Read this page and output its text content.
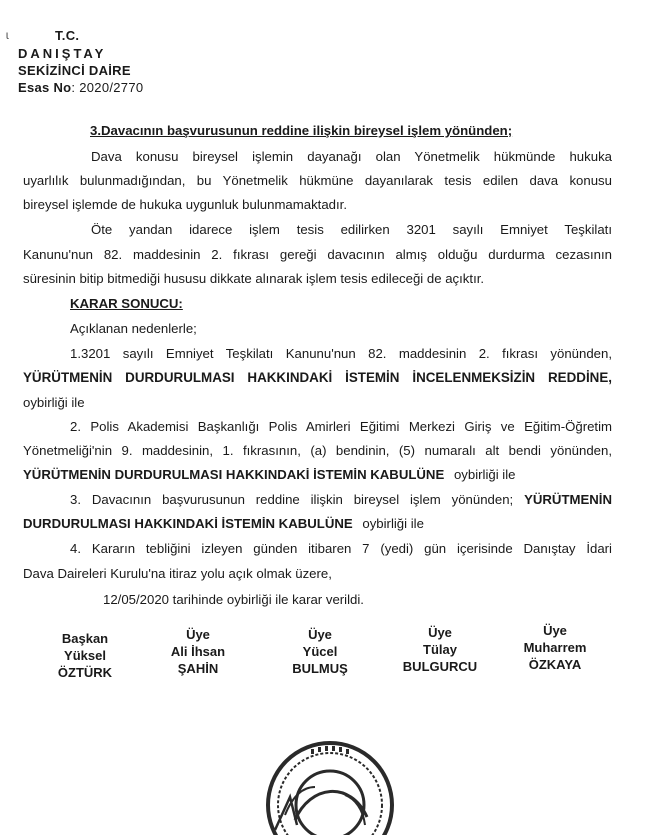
ɩ	T.C.
DANIŞTAY
SEKİZİNCİ DAİRE
Esas No: 2020/2770
3.Davacının başvurusunun reddine ilişkin bireysel işlem yönünden;
Dava konusu bireysel işlemin dayanağı olan Yönetmelik hükmünde hukuka
uyarlılık bulunmadığından, bu Yönetmelik hükmüne dayanılarak tesis edilen dava konusu
bireysel işlemde de hukuka uygunluk bulunmamaktadır.
Öte yandan idarece işlem tesis edilirken 3201 sayılı Emniyet Teşkilatı
Kanunu'nun 82. maddesinin 2. fıkrası gereği davacının almış olduğu durdurma cezasının
süresinin bitip bitmediği hususu dikkate alınarak işlem tesis edileceği de açıktır.
KARAR SONUCU:
Açıklanan nedenlerle;
1.3201 sayılı Emniyet Teşkilatı Kanunu'nun 82. maddesinin 2. fıkrası yönünden,
YÜRÜTMENİN DURDURULMASI HAKKINDAKİ İSTEMİN İNCELENMEKSİZİN REDDİNE,
oybirliği ile
2. Polis Akademisi Başkanlığı Polis Amirleri Eğitimi Merkezi Giriş ve Eğitim-Öğretim
Yönetmeliği'nin 9. maddesinin, 1. fıkrasının, (a) bendinin, (5) numaralı alt bendi yönünden,
YÜRÜTMENİN DURDURULMASI HAKKINDAKİ İSTEMİN KABULÜNE oybirliği ile
3. Davacının başvurusunun reddine ilişkin bireysel işlem yönünden; YÜRÜTMENİN
DURDURULMASI HAKKINDAKİ İSTEMİN KABULÜNE oybirliği ile
4. Kararın tebliğini izleyen günden itibaren 7 (yedi) gün içerisinde Danıştay İdari
Dava Daireleri Kurulu'na itiraz yolu açık olmak üzere,
12/05/2020 tarihinde oybirliği ile karar verildi.
Başkan
Yüksel
ÖZTÜRK
Üye
Ali İhsan
ŞAHİN
Üye
Yücel
BULMUŞ
Üye
Tülay
BULGURCU
Üye
Muharrem
ÖZKAYA
